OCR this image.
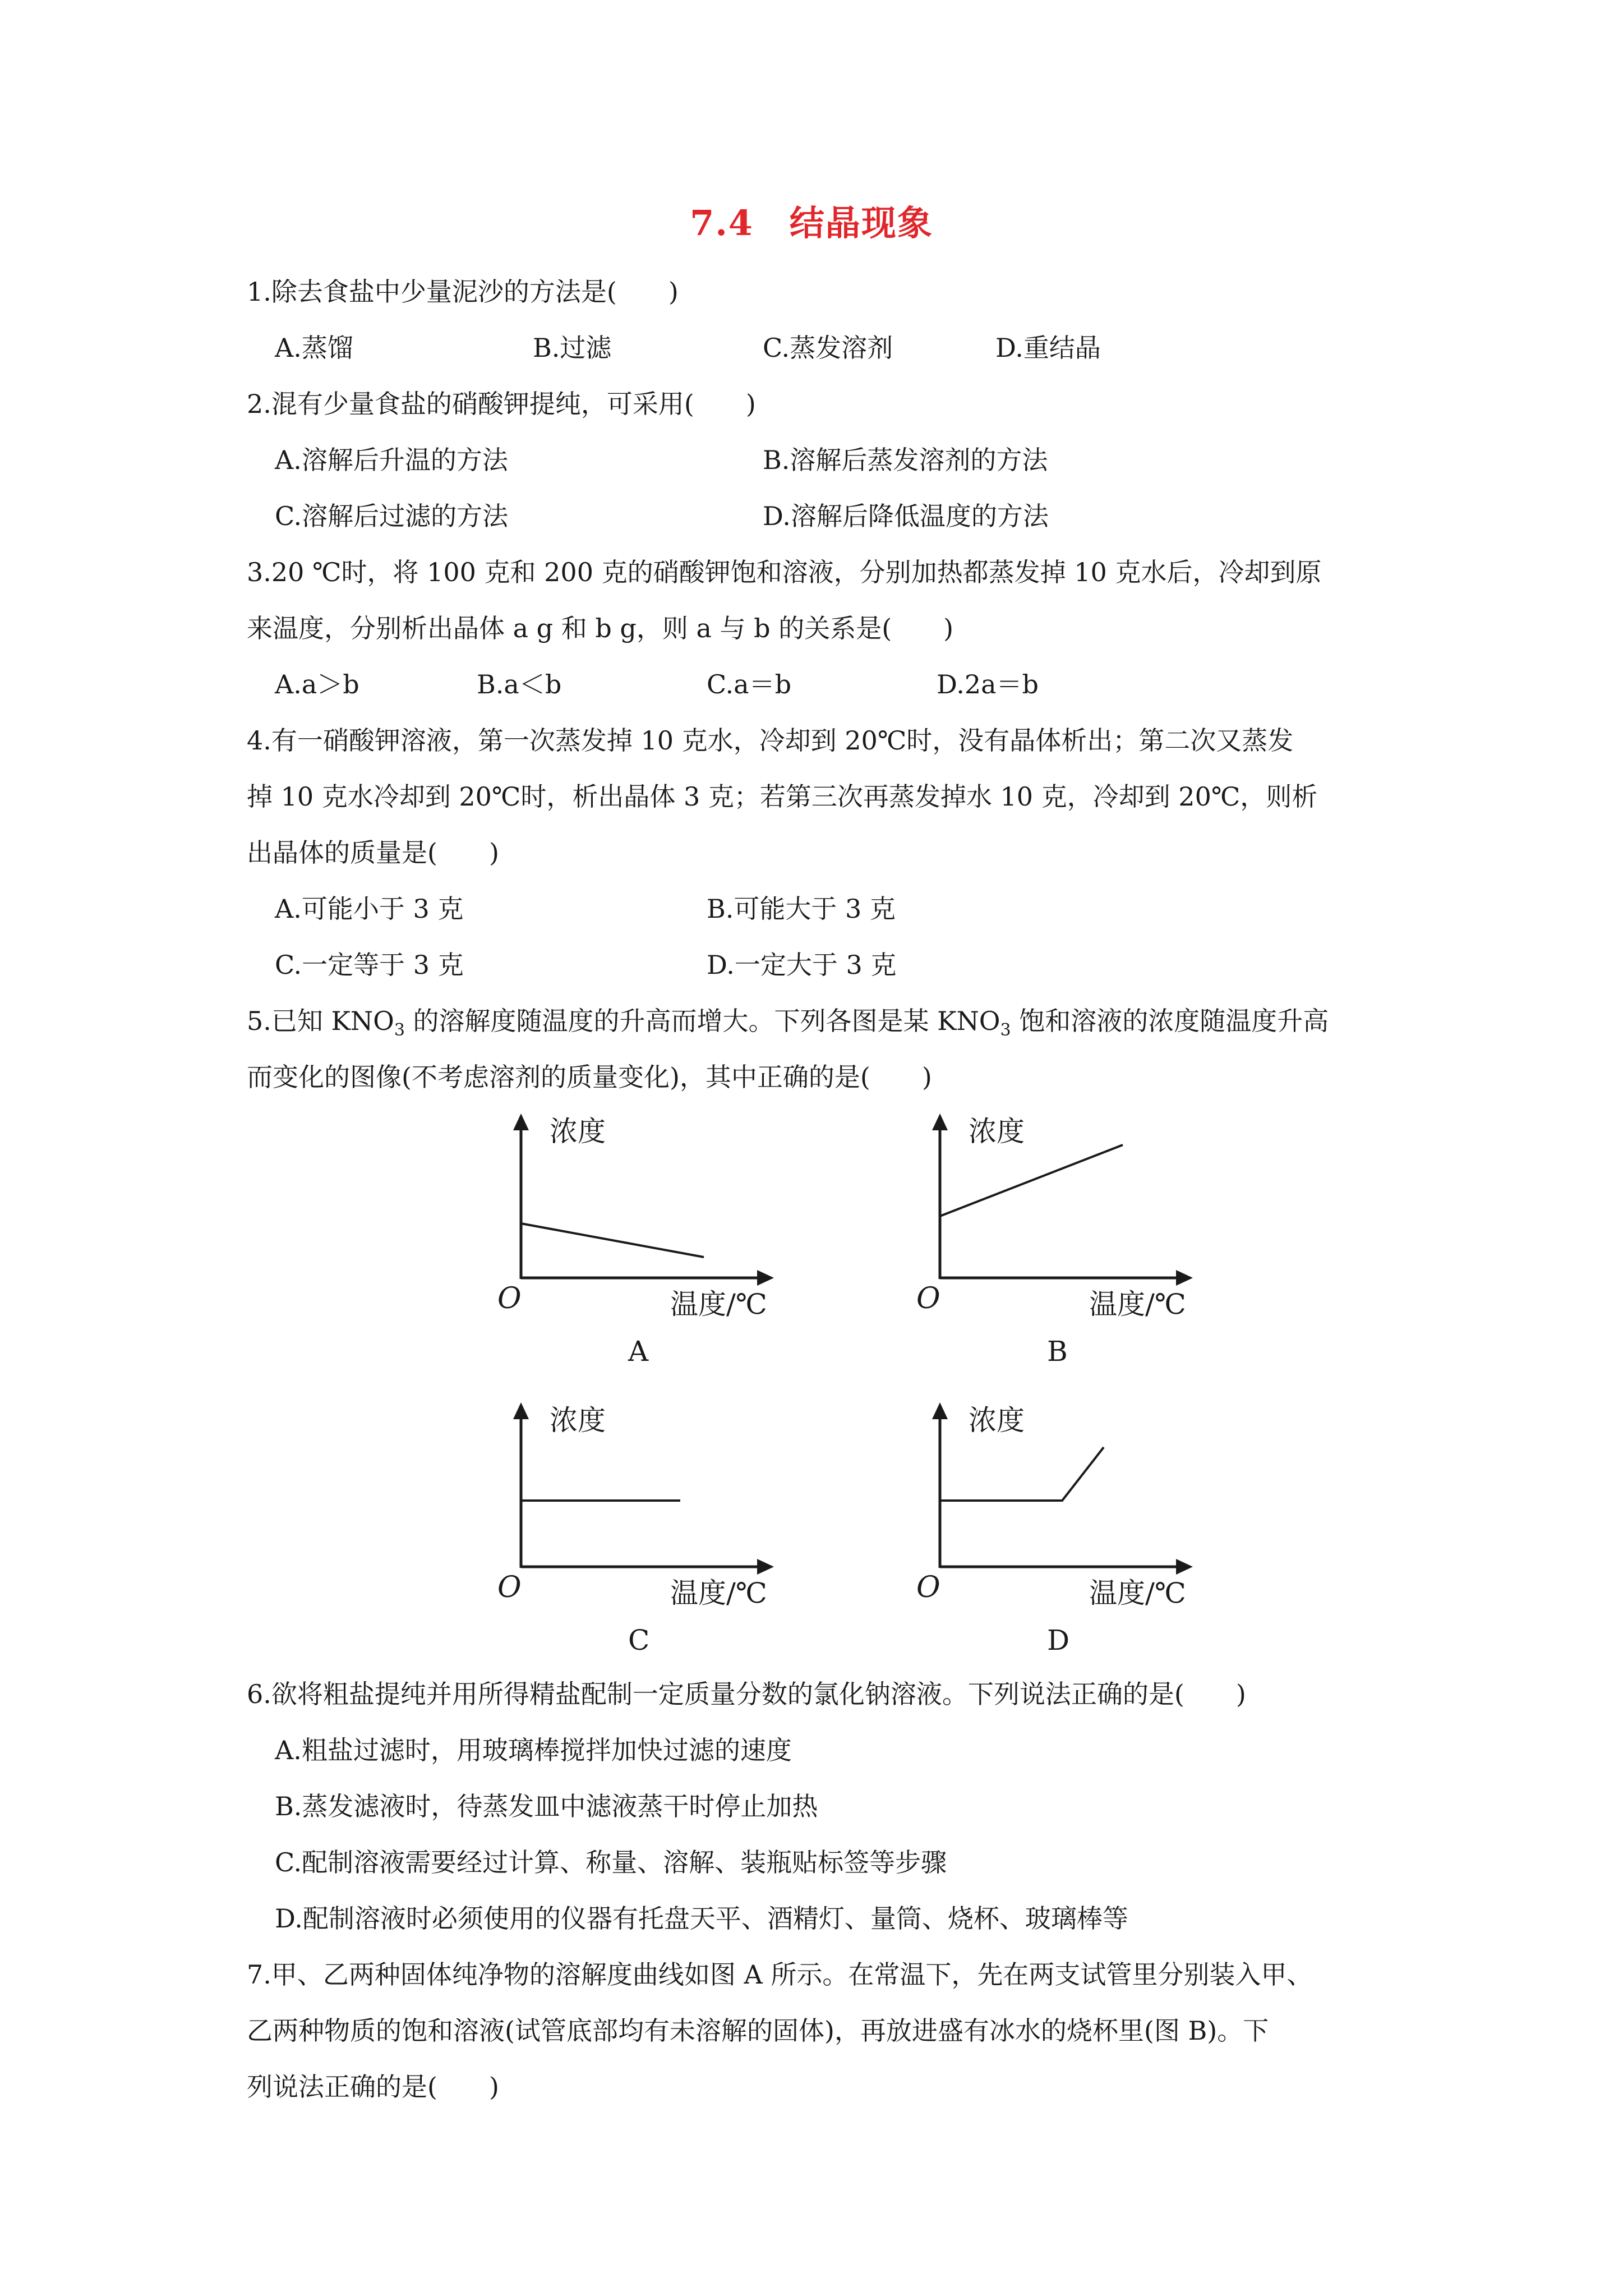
7.4　结晶现象
1.除去食盐中少量泥沙的方法是(　　)
A.蒸馏	B.过滤	C.蒸发溶剂	D.重结晶
2.混有少量食盐的硝酸钾提纯，可采用(　　)
A.溶解后升温的方法	B.溶解后蒸发溶剂的方法
C.溶解后过滤的方法	D.溶解后降低温度的方法
3.20 ℃时，将 100 克和 200 克的硝酸钾饱和溶液，分别加热都蒸发掉 10 克水后，冷却到原
来温度，分别析出晶体 a g 和 b g，则 a 与 b 的关系是(　　)
A.a＞b	B.a＜b	C.a＝b	D.2a＝b
4.有一硝酸钾溶液，第一次蒸发掉 10 克水，冷却到 20℃时，没有晶体析出；第二次又蒸发
掉 10 克水冷却到 20℃时，析出晶体 3 克；若第三次再蒸发掉水 10 克，冷却到 20℃，则析
出晶体的质量是(　　)
A.可能小于 3 克	B.可能大于 3 克
C.一定等于 3 克	D.一定大于 3 克
5.已知 $KNO_3$ 的溶解度随温度的升高而增大。下列各图是某 $KNO_3$ 饱和溶液的浓度随温度升高
而变化的图像(不考虑溶剂的质量变化)，其中正确的是(　　)
浓度
O	温度/℃
A
浓度
O	温度/℃
B
浓度
O	温度/℃
C
浓度
O	温度/℃
D
6.欲将粗盐提纯并用所得精盐配制一定质量分数的氯化钠溶液。下列说法正确的是(　　)
A.粗盐过滤时，用玻璃棒搅拌加快过滤的速度
B.蒸发滤液时，待蒸发皿中滤液蒸干时停止加热
C.配制溶液需要经过计算、称量、溶解、装瓶贴标签等步骤
D.配制溶液时必须使用的仪器有托盘天平、酒精灯、量筒、烧杯、玻璃棒等
7.甲、乙两种固体纯净物的溶解度曲线如图 A 所示。在常温下，先在两支试管里分别装入甲、
乙两种物质的饱和溶液(试管底部均有未溶解的固体)，再放进盛有冰水的烧杯里(图 B)。下
列说法正确的是(　　)
